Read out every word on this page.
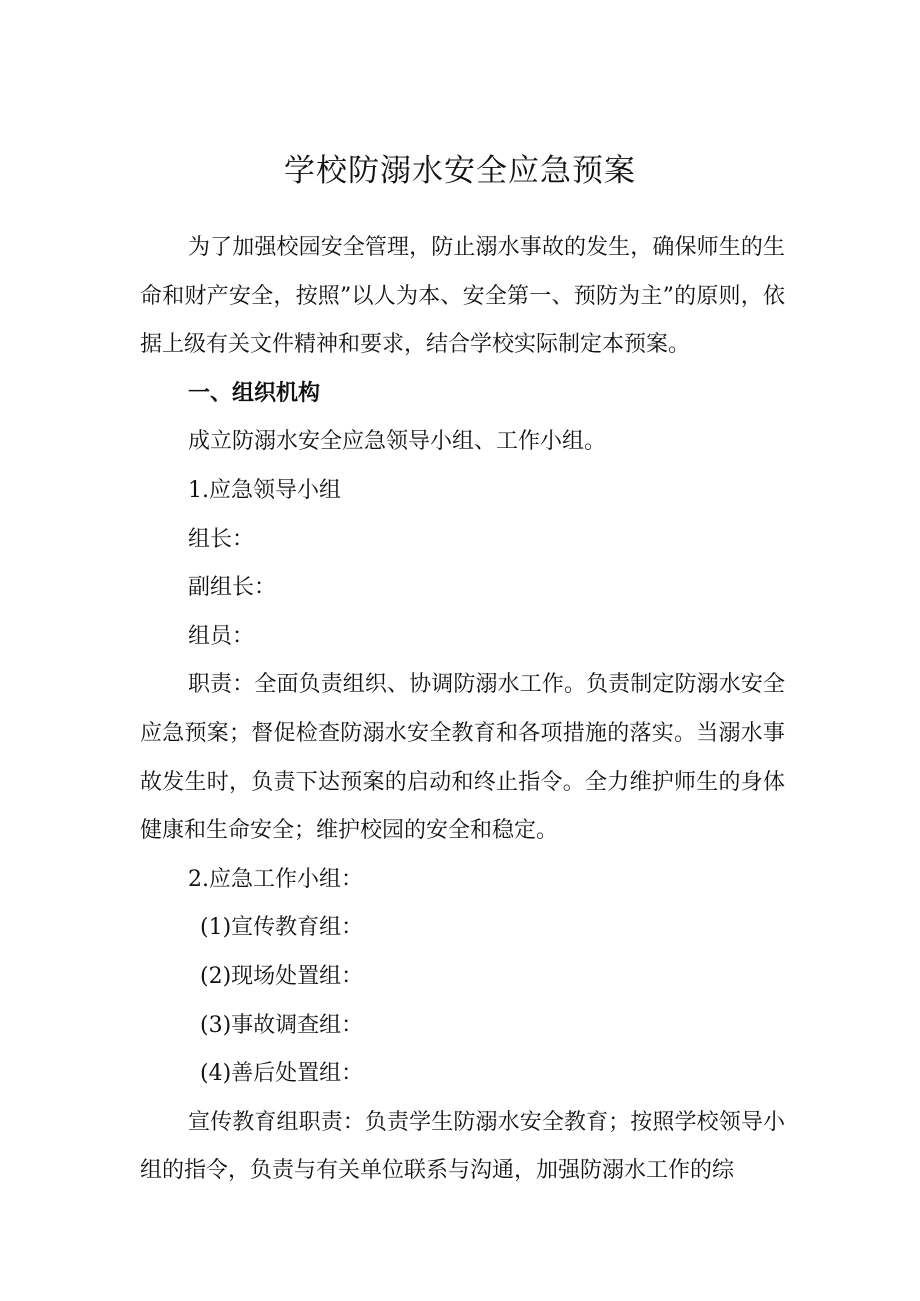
学校防溺水安全应急预案

为了加强校园安全管理，防止溺水事故的发生，确保师生的生命和财产安全，按照”以人为本、安全第一、预防为主”的原则，依据上级有关文件精神和要求，结合学校实际制定本预案。

一、组织机构

成立防溺水安全应急领导小组、工作小组。

1.应急领导小组

组长：

副组长：

组员：

职责：全面负责组织、协调防溺水工作。负责制定防溺水安全应急预案；督促检查防溺水安全教育和各项措施的落实。当溺水事故发生时，负责下达预案的启动和终止指令。全力维护师生的身体健康和生命安全；维护校园的安全和稳定。

2.应急工作小组：

(1)宣传教育组：

(2)现场处置组：

(3)事故调查组：

(4)善后处置组：

宣传教育组职责：负责学生防溺水安全教育；按照学校领导小组的指令，负责与有关单位联系与沟通，加强防溺水工作的综
